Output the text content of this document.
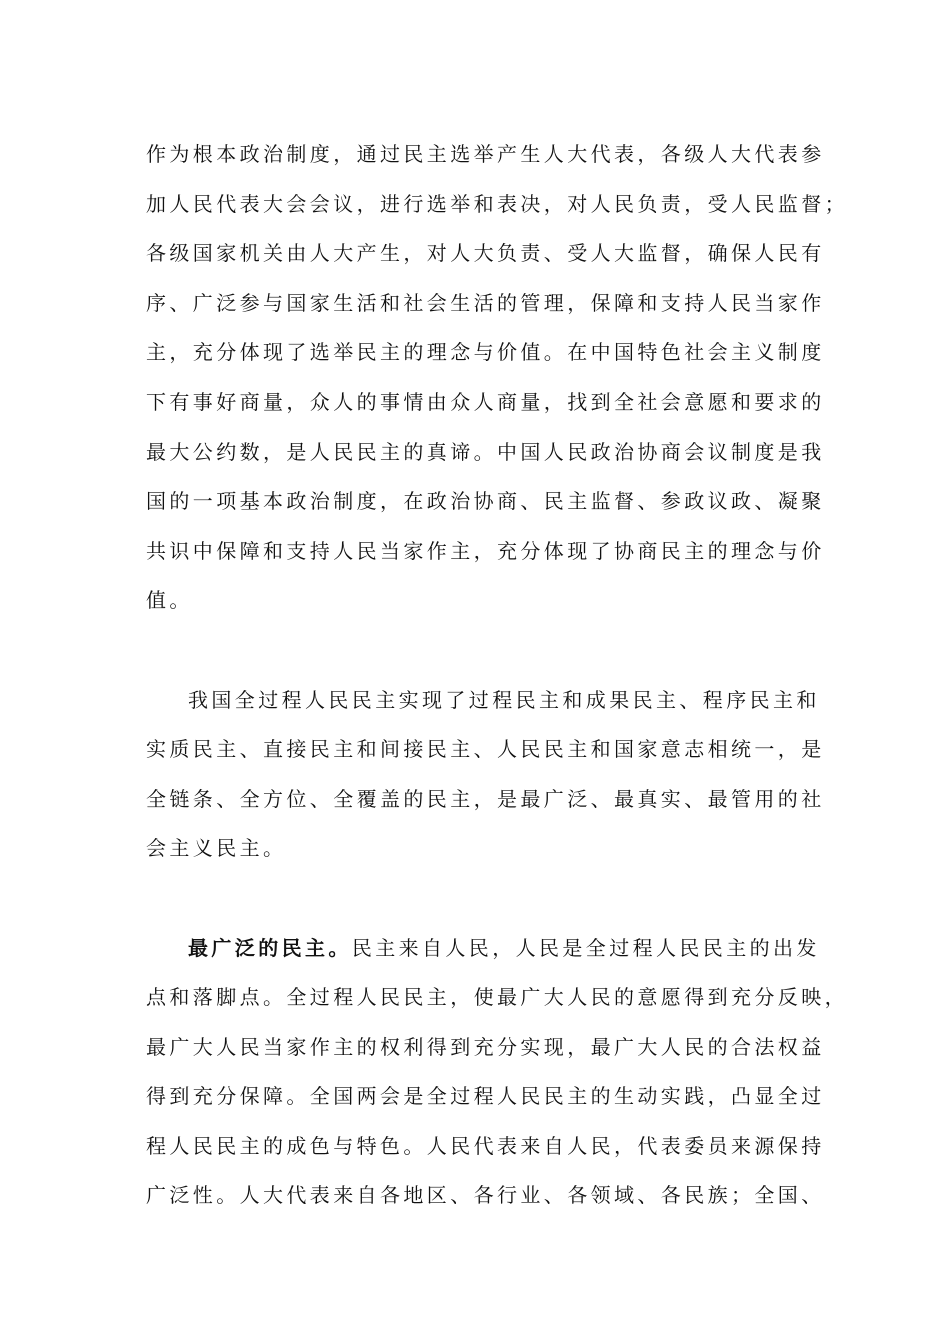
作为根本政治制度，通过民主选举产生人大代表，各级人大代表参
加人民代表大会会议，进行选举和表决，对人民负责，受人民监督；
各级国家机关由人大产生，对人大负责、受人大监督，确保人民有
序、广泛参与国家生活和社会生活的管理，保障和支持人民当家作
主，充分体现了选举民主的理念与价值。在中国特色社会主义制度
下有事好商量，众人的事情由众人商量，找到全社会意愿和要求的
最大公约数，是人民民主的真谛。中国人民政治协商会议制度是我
国的一项基本政治制度，在政治协商、民主监督、参政议政、凝聚
共识中保障和支持人民当家作主，充分体现了协商民主的理念与价
值。
我国全过程人民民主实现了过程民主和成果民主、程序民主和
实质民主、直接民主和间接民主、人民民主和国家意志相统一，是
全链条、全方位、全覆盖的民主，是最广泛、最真实、最管用的社
会主义民主。
最广泛的民主。民主来自人民，人民是全过程人民民主的出发
点和落脚点。全过程人民民主，使最广大人民的意愿得到充分反映，
最广大人民当家作主的权利得到充分实现，最广大人民的合法权益
得到充分保障。全国两会是全过程人民民主的生动实践，凸显全过
程人民民主的成色与特色。人民代表来自人民，代表委员来源保持
广泛性。人大代表来自各地区、各行业、各领域、各民族；全国、
